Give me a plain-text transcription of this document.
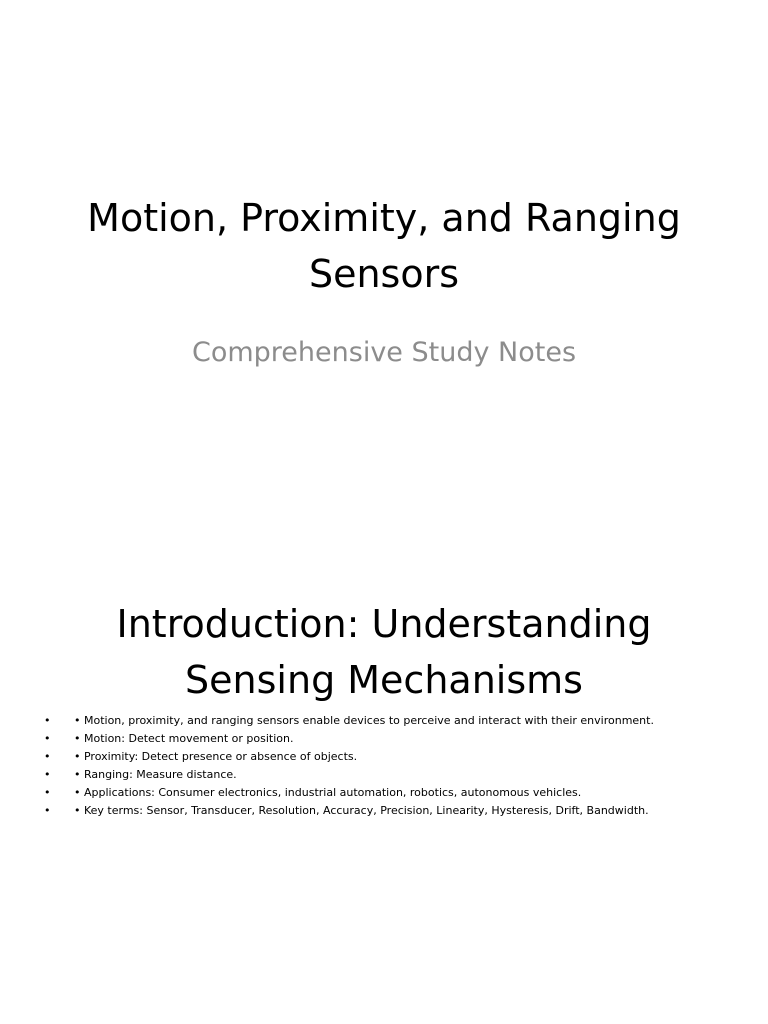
Motion, Proximity, and Ranging
Sensors

Comprehensive Study Notes

Introduction: Understanding
Sensing Mechanisms
• • Motion, proximity, and ranging sensors enable devices to perceive and interact with their environment.
• • Motion: Detect movement or position.
• • Proximity: Detect presence or absence of objects.
• • Ranging: Measure distance.
• • Applications: Consumer electronics, industrial automation, robotics, autonomous vehicles.
• • Key terms: Sensor, Transducer, Resolution, Accuracy, Precision, Linearity, Hysteresis, Drift, Bandwidth.
